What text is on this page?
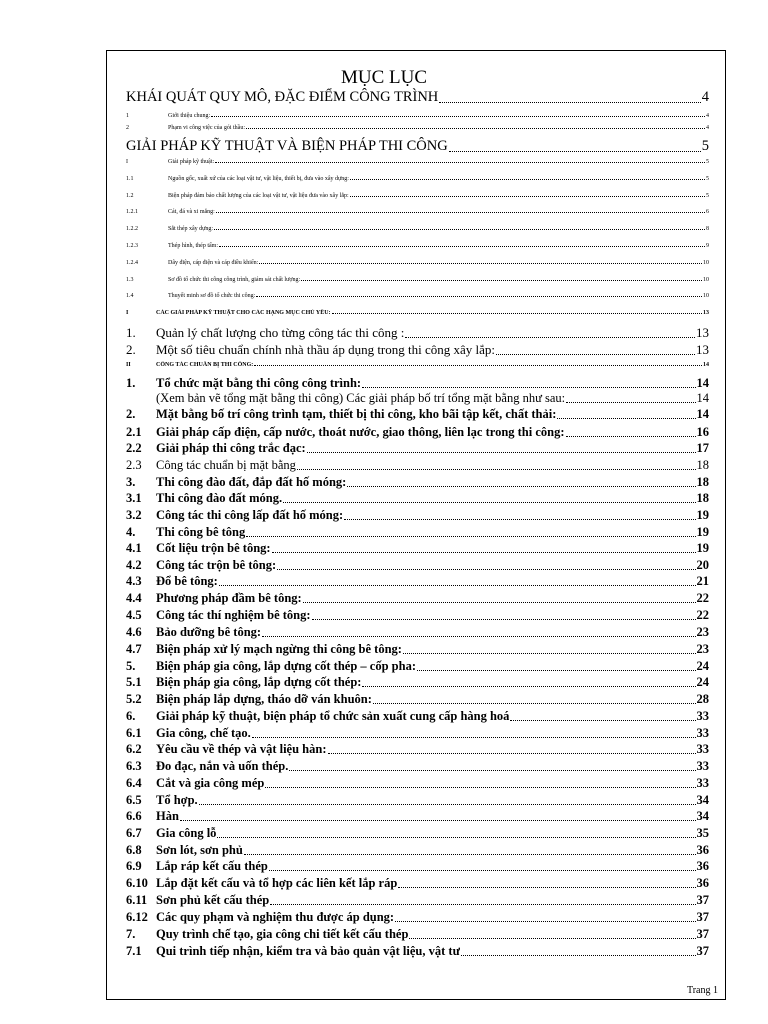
MỤC LỤC
KHÁI QUÁT QUY MÔ, ĐẶC ĐIỂM CÔNG TRÌNH	4
1	Giới thiệu chung:	4
2	Phạm vi công việc của gói thầu:	4
GIẢI PHÁP KỸ THUẬT VÀ BIỆN PHÁP THI CÔNG	5
I	Giải pháp kỹ thuật:	5
1.1	Nguồn gốc, xuất xứ của các loại vật tư, vật liệu, thiết bị, đưa vào xây dựng:	5
1.2	Biện pháp đảm bảo chất lượng của các loại vật tư, vật liệu đưa vào xây lắp:	5
1.2.1	Cát, đá và xi măng:	6
1.2.2	Sắt thép xây dựng:	8
1.2.3	Thép hình, thép tấm:	9
1.2.4	Dây điện, cáp điện và cáp điều khiển:	10
1.3	Sơ đồ tổ chức thi công công trình, giám sát chất lượng:	10
1.4	Thuyết minh sơ đồ tổ chức thi công:	10
I	CÁC GIẢI PHÁP KỸ THUẬT CHO CÁC HẠNG MỤC CHỦ YẾU:	13
1.	Quản lý chất lượng cho từng công tác thi công :	13
2.	Một số tiêu chuẩn chính nhà thầu áp dụng trong thi công xây lắp:	13
II	CÔNG TÁC CHUẨN BỊ THI CÔNG:	14
1.	Tổ chức mặt bằng thi công công trình:	14
(Xem bản vẽ tổng mặt bằng thi công) Các giải pháp bố trí tổng mặt bằng như sau:	14
2.	Mặt bằng bố trí công trình tạm, thiết bị thi công, kho bãi tập kết, chất thải:	14
2.1	Giải pháp cấp điện, cấp nước, thoát nước, giao thông, liên lạc trong thi công:	16
2.2	Giải pháp thi công trắc đạc:	17
2.3	Công tác chuẩn bị mặt bằng	18
3.	Thi công đào đất, đắp đất hố móng:	18
3.1	Thi công đào đất móng.	18
3.2	Công tác thi công lấp đất hố móng:	19
4.	Thi công bê tông	19
4.1	Cốt liệu trộn bê tông:	19
4.2	Công tác trộn bê tông:	20
4.3	Đổ bê tông:	21
4.4	Phương pháp đầm bê tông:	22
4.5	Công tác thí nghiệm bê tông:	22
4.6	Bảo dưỡng bê tông:	23
4.7	Biện pháp xử lý mạch ngừng thi công bê tông:	23
5.	Biện pháp gia công, lắp dựng cốt thép – cốp pha:	24
5.1	Biện pháp gia công, lắp dựng cốt thép:	24
5.2	Biện pháp lắp dựng, tháo dỡ ván khuôn:	28
6.	Giải pháp kỹ thuật, biện pháp tổ chức sản xuất cung cấp hàng hoá	33
6.1	Gia công, chế tạo.	33
6.2	Yêu cầu về thép và vật liệu hàn:	33
6.3	Đo đạc, nắn và uốn thép.	33
6.4	Cắt và gia công mép	33
6.5	Tổ hợp.	34
6.6	Hàn	34
6.7	Gia công lỗ	35
6.8	Sơn lót, sơn phủ	36
6.9	Lắp ráp kết cấu thép	36
6.10 Lắp đặt kết cấu và tổ hợp các liên kết lắp ráp	36
6.11 Sơn phủ kết cấu thép	37
6.12 Các quy phạm và nghiệm thu được áp dụng:	37
7.	Quy trình chế tạo, gia công chi tiết kết cấu thép	37
7.1	Qui trình tiếp nhận, kiểm tra và bảo quản vật liệu, vật tư	37
Trang 1
